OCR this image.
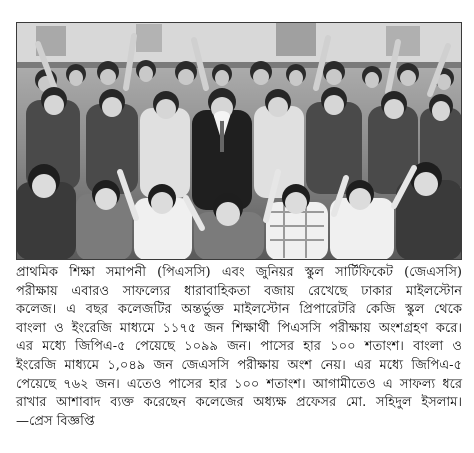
প্রাথমিক শিক্ষা সমাপনী (পিএসসি) এবং জুনিয়র স্কুল সার্টিফিকেট (জেএসসি)
পরীক্ষায় এবারও সাফল্যের ধারাবাহিকতা বজায় রেখেছে ঢাকার মাইলস্টোন
কলেজ। এ বছর কলেজটির অন্তর্ভুক্ত মাইলস্টোন প্রিপারেটরি কেজি স্কুল থেকে
বাংলা ও ইংরেজি মাধ্যমে ১১৭৫ জন শিক্ষার্থী পিএসসি পরীক্ষায় অংশগ্রহণ করে।
এর মধ্যে জিপিএ-৫ পেয়েছে ১০৯৯ জন। পাসের হার ১০০ শতাংশ। বাংলা ও
ইংরেজি মাধ্যমে ১,০৪৯ জন জেএসসি পরীক্ষায় অংশ নেয়। এর মধ্যে জিপিএ-৫
পেয়েছে ৭৬২ জন। এতেও পাসের হার ১০০ শতাংশ। আগামীতেও এ সাফল্য ধরে
রাখার আশাবাদ ব্যক্ত করেছেন কলেজের অধ্যক্ষ প্রফেসর মো. সহিদুল ইসলাম।
—প্রেস বিজ্ঞপ্তি
